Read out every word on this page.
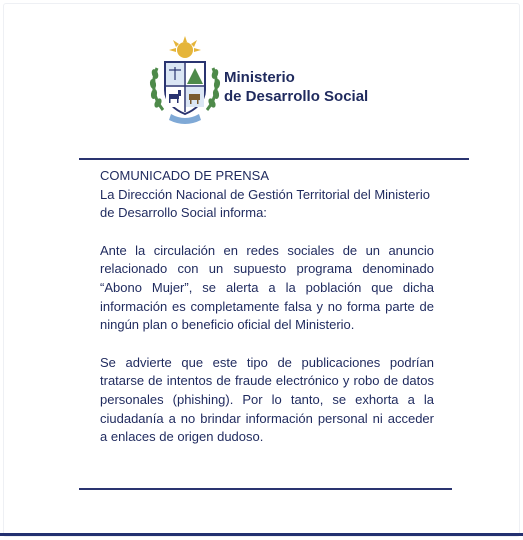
Ministerio
de Desarrollo Social

COMUNICADO DE PRENSA

La Dirección Nacional de Gestión Territorial del Ministerio de Desarrollo Social informa:

Ante la circulación en redes sociales de un anuncio relacionado con un supuesto programa denominado “Abono Mujer”, se alerta a la población que dicha información es completamente falsa y no forma parte de ningún plan o beneficio oficial del Ministerio.

Se advierte que este tipo de publicaciones podrían tratarse de intentos de fraude electrónico y robo de datos personales (phishing). Por lo tanto, se exhorta a la ciudadanía a no brindar información personal ni acceder a enlaces de origen dudoso.
